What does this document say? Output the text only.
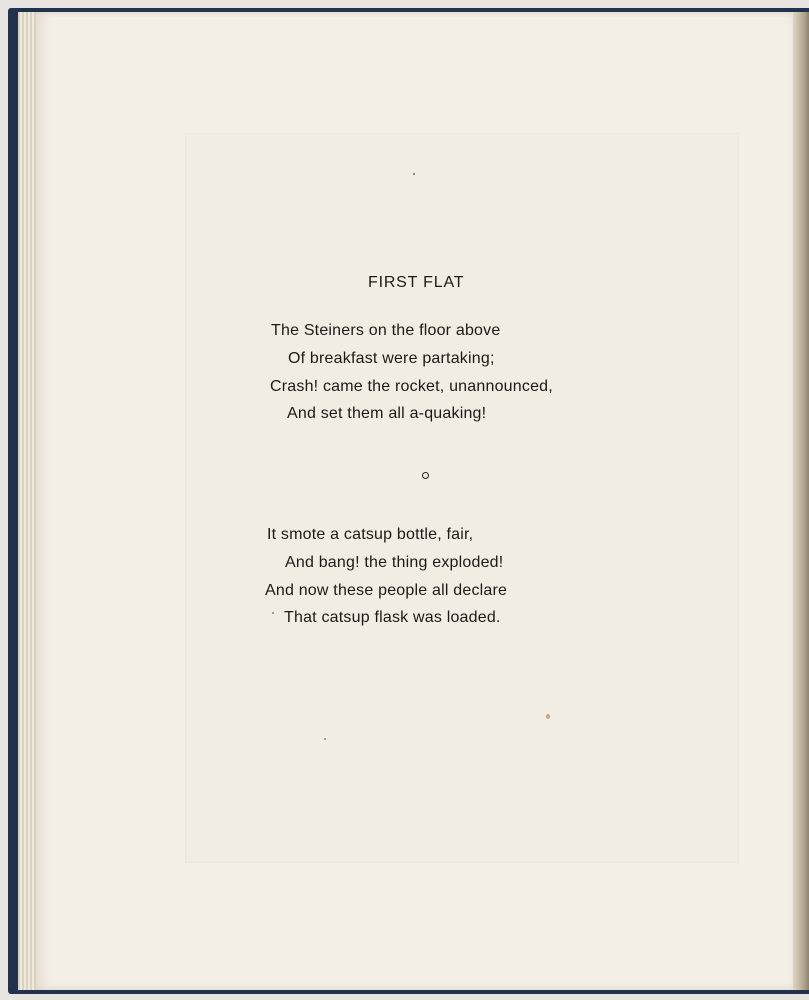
FIRST FLAT
The Steiners on the floor above
Of breakfast were partaking;
Crash! came the rocket, unannounced,
And set them all a-quaking!
It smote a catsup bottle, fair,
And bang! the thing exploded!
And now these people all declare
That catsup flask was loaded.
